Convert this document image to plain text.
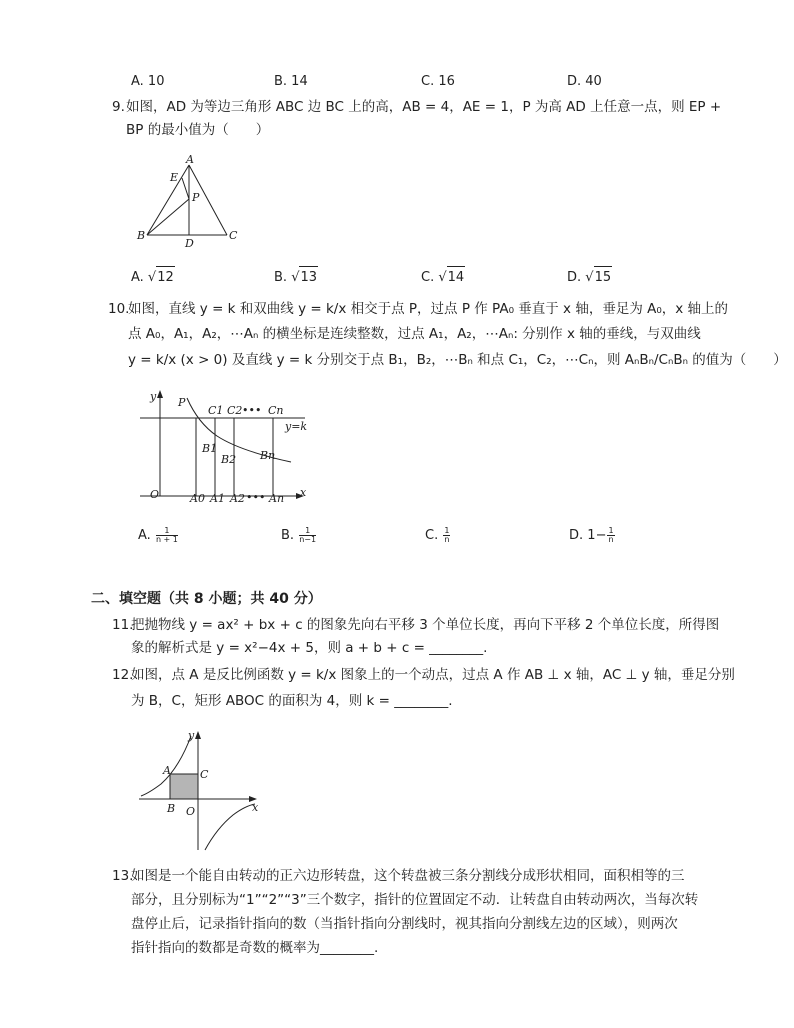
A. 10	B. 14	C. 16	D. 40
9. 如图，AD 为等边三角形 ABC 边 BC 上的高，AB = 4，AE = 1，P 为高 AD 上任意一点，则 EP +
BP 的最小值为（　　）
A
E
P
B
D
C
A. √12	B. √13	C. √14	D. √15
10.
如图，直线 y = k 和双曲线 y = k/x 相交于点 P，过点 P 作 PA₀ 垂直于 x 轴，垂足为 A₀，x 轴上的
点 A₀，A₁，A₂，⋯Aₙ 的横坐标是连续整数，过点 A₁，A₂，⋯Aₙ: 分别作 x 轴的垂线，与双曲线
y = k/x (x > 0) 及直线 y = k 分别交于点 B₁，B₂，⋯Bₙ 和点 C₁，C₂，⋯Cₙ，则 AₙBₙ/CₙBₙ 的值为（　　）
y P
C1 C2 ••• Cn
y=k
B1
B2 Bn
O	A0 A1 A2 ••• An x
A. $\frac{1}{n + 1}$	B. $\frac{1}{n-1}$	C. $\frac{1}{n}$	D. $1- \frac{1}{n}$
二、填空题（共 8 小题；共 40 分）
11.
把抛物线 y = ax² + bx + c 的图象先向右平移 3 个单位长度，再向下平移 2 个单位长度，所得图
象的解析式是 y = x²−4x + 5，则 a + b + c = ________.
12.
如图，点 A 是反比例函数 y = k/x 图象上的一个动点，过点 A 作 AB ⊥ x 轴，AC ⊥ y 轴，垂足分别
为 B，C，矩形 ABOC 的面积为 4，则 k = ________.
y
A	C
B O	x
13.
如图是一个能自由转动的正六边形转盘，这个转盘被三条分割线分成形状相同，面积相等的三
部分，且分别标为“1”“2”“3”三个数字，指针的位置固定不动．让转盘自由转动两次，当每次转
盘停止后，记录指针指向的数（当指针指向分割线时，视其指向分割线左边的区域），则两次
指针指向的数都是奇数的概率为________.
